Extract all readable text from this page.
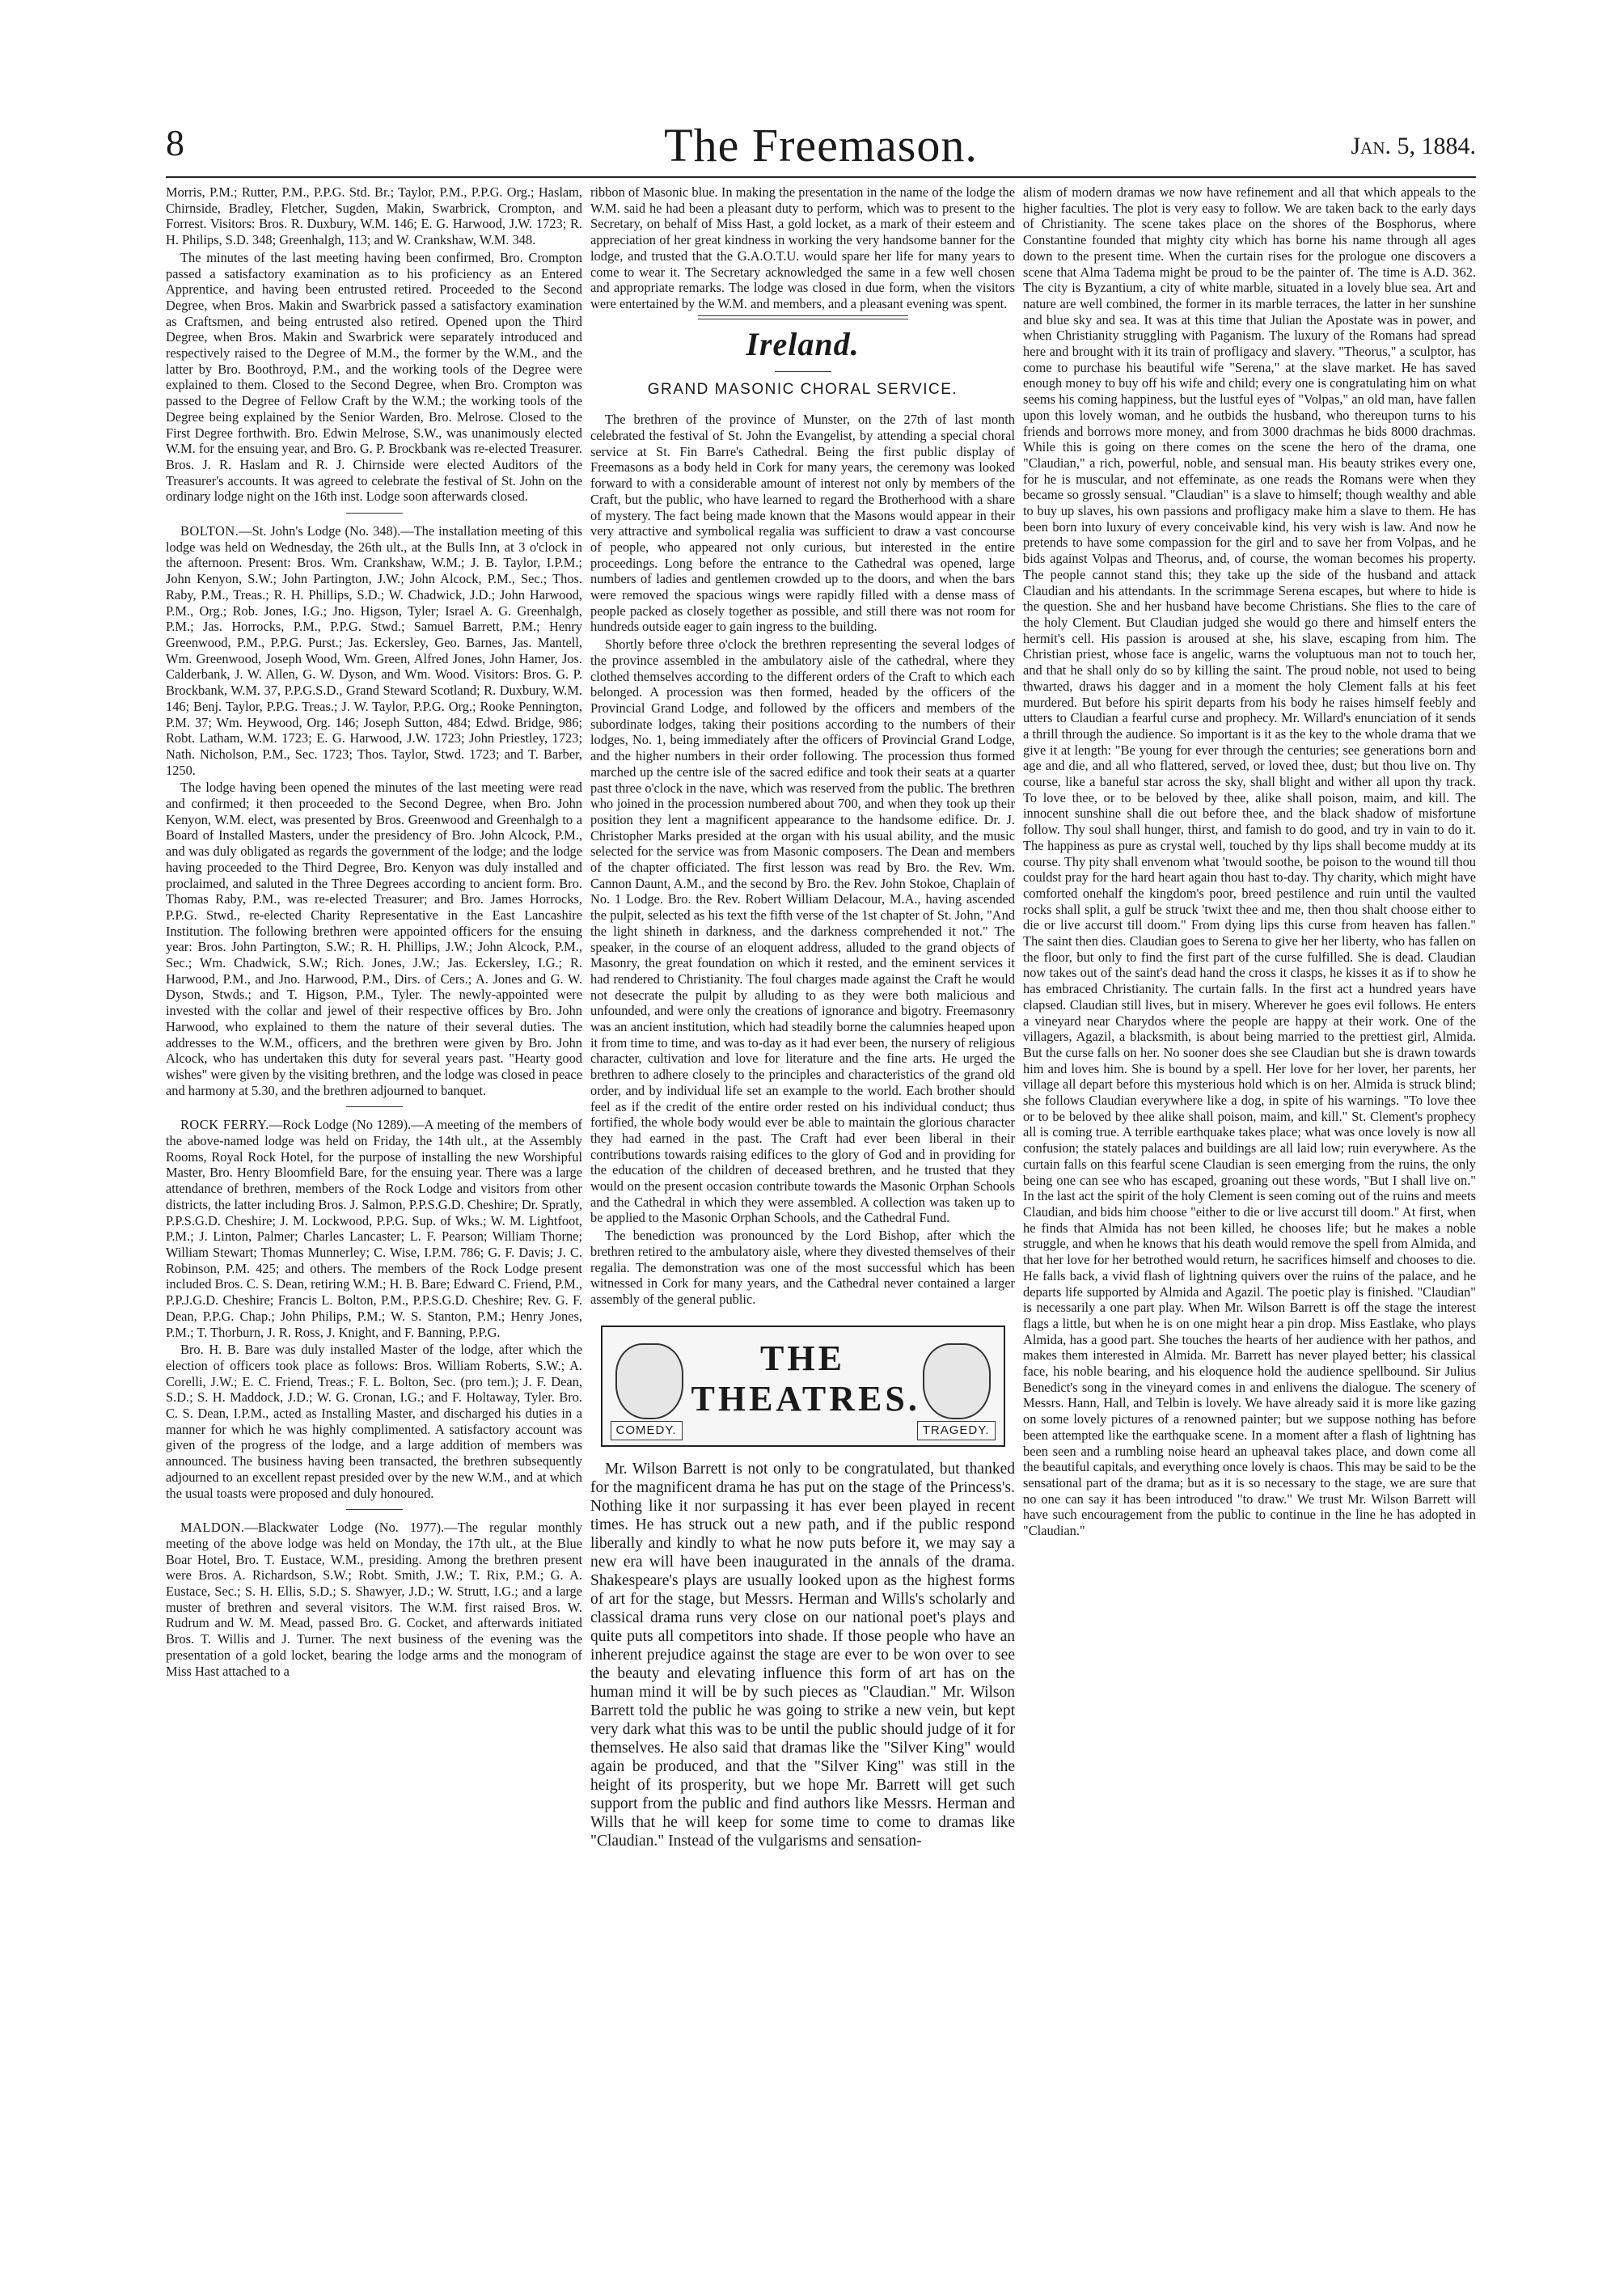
8	The Freemason.	Jan. 5, 1884.

Morris, P.M.; Rutter, P.M., P.P.G. Std. Br.; Taylor, P.M., P.P.G. Org.; Haslam, Chirnside, Bradley, Fletcher, Sugden, Makin, Swarbrick, Crompton, and Forrest. Visitors: Bros. R. Duxbury, W.M. 146; E. G. Harwood, J.W. 1723; R. H. Philips, S.D. 348; Greenhalgh, 113; and W. Crankshaw, W.M. 348.

The minutes of the last meeting having been confirmed, Bro. Crompton passed a satisfactory examination as to his proficiency as an Entered Apprentice, and having been entrusted retired. Proceeded to the Second Degree, when Bros. Makin and Swarbrick passed a satisfactory examination as Craftsmen, and being entrusted also retired. Opened upon the Third Degree, when Bros. Makin and Swarbrick were separately introduced and respectively raised to the Degree of M.M., the former by the W.M., and the latter by Bro. Boothroyd, P.M., and the working tools of the Degree were explained to them. Closed to the Second Degree, when Bro. Crompton was passed to the Degree of Fellow Craft by the W.M.; the working tools of the Degree being explained by the Senior Warden, Bro. Melrose. Closed to the First Degree forthwith. Bro. Edwin Melrose, S.W., was unanimously elected W.M. for the ensuing year, and Bro. G. P. Brockbank was re-elected Treasurer. Bros. J. R. Haslam and R. J. Chirnside were elected Auditors of the Treasurer's accounts. It was agreed to celebrate the festival of St. John on the ordinary lodge night on the 16th inst. Lodge soon afterwards closed.

BOLTON.—St. John's Lodge (No. 348).—The installation meeting of this lodge was held on Wednesday, the 26th ult., at the Bulls Inn, at 3 o'clock in the afternoon. Present: Bros. Wm. Crankshaw, W.M.; J. B. Taylor, I.P.M.; John Kenyon, S.W.; John Partington, J.W.; John Alcock, P.M., Sec.; Thos. Raby, P.M., Treas.; R. H. Phillips, S.D.; W. Chadwick, J.D.; John Harwood, P.M., Org.; Rob. Jones, I.G.; Jno. Higson, Tyler; Israel A. G. Greenhalgh, P.M.; Jas. Horrocks, P.M., P.P.G. Stwd.; Samuel Barrett, P.M.; Henry Greenwood, P.M., P.P.G. Purst.; Jas. Eckersley, Geo. Barnes, Jas. Mantell, Wm. Greenwood, Joseph Wood, Wm. Green, Alfred Jones, John Hamer, Jos. Calderbank, J. W. Allen, G. W. Dyson, and Wm. Wood. Visitors: Bros. G. P. Brockbank, W.M. 37, P.P.G.S.D., Grand Steward Scotland; R. Duxbury, W.M. 146; Benj. Taylor, P.P.G. Treas.; J. W. Taylor, P.P.G. Org.; Rooke Pennington, P.M. 37; Wm. Heywood, Org. 146; Joseph Sutton, 484; Edwd. Bridge, 986; Robt. Latham, W.M. 1723; E. G. Harwood, J.W. 1723; John Priestley, 1723; Nath. Nicholson, P.M., Sec. 1723; Thos. Taylor, Stwd. 1723; and T. Barber, 1250.

The lodge having been opened the minutes of the last meeting were read and confirmed; it then proceeded to the Second Degree, when Bro. John Kenyon, W.M. elect, was presented by Bros. Greenwood and Greenhalgh to a Board of Installed Masters, under the presidency of Bro. John Alcock, P.M., and was duly obligated as regards the government of the lodge; and the lodge having proceeded to the Third Degree, Bro. Kenyon was duly installed and proclaimed, and saluted in the Three Degrees according to ancient form. Bro. Thomas Raby, P.M., was re-elected Treasurer; and Bro. James Horrocks, P.P.G. Stwd., re-elected Charity Representative in the East Lancashire Institution. The following brethren were appointed officers for the ensuing year: Bros. John Partington, S.W.; R. H. Phillips, J.W.; John Alcock, P.M., Sec.; Wm. Chadwick, S.W.; Rich. Jones, J.W.; Jas. Eckersley, I.G.; R. Harwood, P.M., and Jno. Harwood, P.M., Dirs. of Cers.; A. Jones and G. W. Dyson, Stwds.; and T. Higson, P.M., Tyler. The newly-appointed were invested with the collar and jewel of their respective offices by Bro. John Harwood, who explained to them the nature of their several duties. The addresses to the W.M., officers, and the brethren were given by Bro. John Alcock, who has undertaken this duty for several years past. "Hearty good wishes" were given by the visiting brethren, and the lodge was closed in peace and harmony at 5.30, and the brethren adjourned to banquet.

ROCK FERRY.—Rock Lodge (No 1289).—A meeting of the members of the above-named lodge was held on Friday, the 14th ult., at the Assembly Rooms, Royal Rock Hotel, for the purpose of installing the new Worshipful Master, Bro. Henry Bloomfield Bare, for the ensuing year. There was a large attendance of brethren, members of the Rock Lodge and visitors from other districts, the latter including Bros. J. Salmon, P.P.S.G.D. Cheshire; Dr. Spratly, P.P.S.G.D. Cheshire; J. M. Lockwood, P.P.G. Sup. of Wks.; W. M. Lightfoot, P.M.; J. Linton, Palmer; Charles Lancaster; L. F. Pearson; William Thorne; William Stewart; Thomas Munnerley; C. Wise, I.P.M. 786; G. F. Davis; J. C. Robinson, P.M. 425; and others. The members of the Rock Lodge present included Bros. C. S. Dean, retiring W.M.; H. B. Bare; Edward C. Friend, P.M., P.P.J.G.D. Cheshire; Francis L. Bolton, P.M., P.P.S.G.D. Cheshire; Rev. G. F. Dean, P.P.G. Chap.; John Philips, P.M.; W. S. Stanton, P.M.; Henry Jones, P.M.; T. Thorburn, J. R. Ross, J. Knight, and F. Banning, P.P.G.

Bro. H. B. Bare was duly installed Master of the lodge, after which the election of officers took place as follows: Bros. William Roberts, S.W.; A. Corelli, J.W.; E. C. Friend, Treas.; F. L. Bolton, Sec. (pro tem.); J. F. Dean, S.D.; S. H. Maddock, J.D.; W. G. Cronan, I.G.; and F. Holtaway, Tyler. Bro. C. S. Dean, I.P.M., acted as Installing Master, and discharged his duties in a manner for which he was highly complimented. A satisfactory account was given of the progress of the lodge, and a large addition of members was announced. The business having been transacted, the brethren subsequently adjourned to an excellent repast presided over by the new W.M., and at which the usual toasts were proposed and duly honoured.

MALDON.—Blackwater Lodge (No. 1977).—The regular monthly meeting of the above lodge was held on Monday, the 17th ult., at the Blue Boar Hotel, Bro. T. Eustace, W.M., presiding. Among the brethren present were Bros. A. Richardson, S.W.; Robt. Smith, J.W.; T. Rix, P.M.; G. A. Eustace, Sec.; S. H. Ellis, S.D.; S. Shawyer, J.D.; W. Strutt, I.G.; and a large muster of brethren and several visitors. The W.M. first raised Bros. W. Rudrum and W. M. Mead, passed Bro. G. Cocket, and afterwards initiated Bros. T. Willis and J. Turner. The next business of the evening was the presentation of a gold locket, bearing the lodge arms and the monogram of Miss Hast attached to a

ribbon of Masonic blue. In making the presentation in the name of the lodge the W.M. said he had been a pleasant duty to perform, which was to present to the Secretary, on behalf of Miss Hast, a gold locket, as a mark of their esteem and appreciation of her great kindness in working the very handsome banner for the lodge, and trusted that the G.A.O.T.U. would spare her life for many years to come to wear it. The Secretary acknowledged the same in a few well chosen and appropriate remarks. The lodge was closed in due form, when the visitors were entertained by the W.M. and members, and a pleasant evening was spent.

Ireland.
GRAND MASONIC CHORAL SERVICE.

The brethren of the province of Munster, on the 27th of last month celebrated the festival of St. John the Evangelist, by attending a special choral service at St. Fin Barre's Cathedral. Being the first public display of Freemasons as a body held in Cork for many years, the ceremony was looked forward to with a considerable amount of interest not only by members of the Craft, but the public, who have learned to regard the Brotherhood with a share of mystery. The fact being made known that the Masons would appear in their very attractive and symbolical regalia was sufficient to draw a vast concourse of people, who appeared not only curious, but interested in the entire proceedings. Long before the entrance to the Cathedral was opened, large numbers of ladies and gentlemen crowded up to the doors, and when the bars were removed the spacious wings were rapidly filled with a dense mass of people packed as closely together as possible, and still there was not room for hundreds outside eager to gain ingress to the building.

Shortly before three o'clock the brethren representing the several lodges of the province assembled in the ambulatory aisle of the cathedral, where they clothed themselves according to the different orders of the Craft to which each belonged. A procession was then formed, headed by the officers of the Provincial Grand Lodge, and followed by the officers and members of the subordinate lodges, taking their positions according to the numbers of their lodges, No. 1, being immediately after the officers of Provincial Grand Lodge, and the higher numbers in their order following. The procession thus formed marched up the centre isle of the sacred edifice and took their seats at a quarter past three o'clock in the nave, which was reserved from the public. The brethren who joined in the procession numbered about 700, and when they took up their position they lent a magnificent appearance to the handsome edifice. Dr. J. Christopher Marks presided at the organ with his usual ability, and the music selected for the service was from Masonic composers. The Dean and members of the chapter officiated. The first lesson was read by Bro. the Rev. Wm. Cannon Daunt, A.M., and the second by Bro. the Rev. John Stokoe, Chaplain of No. 1 Lodge. Bro. the Rev. Robert William Delacour, M.A., having ascended the pulpit, selected as his text the fifth verse of the 1st chapter of St. John, "And the light shineth in darkness, and the darkness comprehended it not." The speaker, in the course of an eloquent address, alluded to the grand objects of Masonry, the great foundation on which it rested, and the eminent services it had rendered to Christianity. The foul charges made against the Craft he would not desecrate the pulpit by alluding to as they were both malicious and unfounded, and were only the creations of ignorance and bigotry. Freemasonry was an ancient institution, which had steadily borne the calumnies heaped upon it from time to time, and was to-day as it had ever been, the nursery of religious character, cultivation and love for literature and the fine arts. He urged the brethren to adhere closely to the principles and characteristics of the grand old order, and by individual life set an example to the world. Each brother should feel as if the credit of the entire order rested on his individual conduct; thus fortified, the whole body would ever be able to maintain the glorious character they had earned in the past. The Craft had ever been liberal in their contributions towards raising edifices to the glory of God and in providing for the education of the children of deceased brethren, and he trusted that they would on the present occasion contribute towards the Masonic Orphan Schools and the Cathedral in which they were assembled. A collection was taken up to be applied to the Masonic Orphan Schools, and the Cathedral Fund.

The benediction was pronounced by the Lord Bishop, after which the brethren retired to the ambulatory aisle, where they divested themselves of their regalia. The demonstration was one of the most successful which has been witnessed in Cork for many years, and the Cathedral never contained a larger assembly of the general public.

THE THEATRES.
COMEDY.	TRAGEDY.

Mr. Wilson Barrett is not only to be congratulated, but thanked for the magnificent drama he has put on the stage of the Princess's. Nothing like it nor surpassing it has ever been played in recent times. He has struck out a new path, and if the public respond liberally and kindly to what he now puts before it, we may say a new era will have been inaugurated in the annals of the drama. Shakespeare's plays are usually looked upon as the highest forms of art for the stage, but Messrs. Herman and Wills's scholarly and classical drama runs very close on our national poet's plays and quite puts all competitors into shade. If those people who have an inherent prejudice against the stage are ever to be won over to see the beauty and elevating influence this form of art has on the human mind it will be by such pieces as "Claudian." Mr. Wilson Barrett told the public he was going to strike a new vein, but kept very dark what this was to be until the public should judge of it for themselves. He also said that dramas like the "Silver King" would again be produced, and that the "Silver King" was still in the height of its prosperity, but we hope Mr. Barrett will get such support from the public and find authors like Messrs. Herman and Wills that he will keep for some time to come to dramas like "Claudian." Instead of the vulgarisms and sensation-

alism of modern dramas we now have refinement and all that which appeals to the higher faculties. The plot is very easy to follow. We are taken back to the early days of Christianity. The scene takes place on the shores of the Bosphorus, where Constantine founded that mighty city which has borne his name through all ages down to the present time. When the curtain rises for the prologue one discovers a scene that Alma Tadema might be proud to be the painter of. The time is A.D. 362. The city is Byzantium, a city of white marble, situated in a lovely blue sea. Art and nature are well combined, the former in its marble terraces, the latter in her sunshine and blue sky and sea. It was at this time that Julian the Apostate was in power, and when Christianity struggling with Paganism. The luxury of the Romans had spread here and brought with it its train of profligacy and slavery. "Theorus," a sculptor, has come to purchase his beautiful wife "Serena," at the slave market. He has saved enough money to buy off his wife and child; every one is congratulating him on what seems his coming happiness, but the lustful eyes of "Volpas," an old man, have fallen upon this lovely woman, and he outbids the husband, who thereupon turns to his friends and borrows more money, and from 3000 drachmas he bids 8000 drachmas. While this is going on there comes on the scene the hero of the drama, one "Claudian," a rich, powerful, noble, and sensual man. His beauty strikes every one, for he is muscular, and not effeminate, as one reads the Romans were when they became so grossly sensual. "Claudian" is a slave to himself; though wealthy and able to buy up slaves, his own passions and profligacy make him a slave to them. He has been born into luxury of every conceivable kind, his very wish is law. And now he pretends to have some compassion for the girl and to save her from Volpas, and he bids against Volpas and Theorus, and, of course, the woman becomes his property. The people cannot stand this; they take up the side of the husband and attack Claudian and his attendants. In the scrimmage Serena escapes, but where to hide is the question. She and her husband have become Christians. She flies to the care of the holy Clement. But Claudian judged she would go there and himself enters the hermit's cell. His passion is aroused at she, his slave, escaping from him. The Christian priest, whose face is angelic, warns the voluptuous man not to touch her, and that he shall only do so by killing the saint. The proud noble, not used to being thwarted, draws his dagger and in a moment the holy Clement falls at his feet murdered. But before his spirit departs from his body he raises himself feebly and utters to Claudian a fearful curse and prophecy. Mr. Willard's enunciation of it sends a thrill through the audience. So important is it as the key to the whole drama that we give it at length: "Be young for ever through the centuries; see generations born and age and die, and all who flattered, served, or loved thee, dust; but thou live on. Thy course, like a baneful star across the sky, shall blight and wither all upon thy track. To love thee, or to be beloved by thee, alike shall poison, maim, and kill. The innocent sunshine shall die out before thee, and the black shadow of misfortune follow. Thy soul shall hunger, thirst, and famish to do good, and try in vain to do it. The happiness as pure as crystal well, touched by thy lips shall become muddy at its course. Thy pity shall envenom what 'twould soothe, be poison to the wound till thou couldst pray for the hard heart again thou hast to-day. Thy charity, which might have comforted onehalf the kingdom's poor, breed pestilence and ruin until the vaulted rocks shall split, a gulf be struck 'twixt thee and me, then thou shalt choose either to die or live accurst till doom." From dying lips this curse from heaven has fallen." The saint then dies. Claudian goes to Serena to give her her liberty, who has fallen on the floor, but only to find the first part of the curse fulfilled. She is dead. Claudian now takes out of the saint's dead hand the cross it clasps, he kisses it as if to show he has embraced Christianity. The curtain falls. In the first act a hundred years have clapsed. Claudian still lives, but in misery. Wherever he goes evil follows. He enters a vineyard near Charydos where the people are happy at their work. One of the villagers, Agazil, a blacksmith, is about being married to the prettiest girl, Almida. But the curse falls on her. No sooner does she see Claudian but she is drawn towards him and loves him. She is bound by a spell. Her love for her lover, her parents, her village all depart before this mysterious hold which is on her. Almida is struck blind; she follows Claudian everywhere like a dog, in spite of his warnings. "To love thee or to be beloved by thee alike shall poison, maim, and kill." St. Clement's prophecy all is coming true. A terrible earthquake takes place; what was once lovely is now all confusion; the stately palaces and buildings are all laid low; ruin everywhere. As the curtain falls on this fearful scene Claudian is seen emerging from the ruins, the only being one can see who has escaped, groaning out these words, "But I shall live on." In the last act the spirit of the holy Clement is seen coming out of the ruins and meets Claudian, and bids him choose "either to die or live accurst till doom." At first, when he finds that Almida has not been killed, he chooses life; but he makes a noble struggle, and when he knows that his death would remove the spell from Almida, and that her love for her betrothed would return, he sacrifices himself and chooses to die. He falls back, a vivid flash of lightning quivers over the ruins of the palace, and he departs life supported by Almida and Agazil. The poetic play is finished. "Claudian" is necessarily a one part play. When Mr. Wilson Barrett is off the stage the interest flags a little, but when he is on one might hear a pin drop. Miss Eastlake, who plays Almida, has a good part. She touches the hearts of her audience with her pathos, and makes them interested in Almida. Mr. Barrett has never played better; his classical face, his noble bearing, and his eloquence hold the audience spellbound. Sir Julius Benedict's song in the vineyard comes in and enlivens the dialogue. The scenery of Messrs. Hann, Hall, and Telbin is lovely. We have already said it is more like gazing on some lovely pictures of a renowned painter; but we suppose nothing has before been attempted like the earthquake scene. In a moment after a flash of lightning has been seen and a rumbling noise heard an upheaval takes place, and down come all the beautiful capitals, and everything once lovely is chaos. This may be said to be the sensational part of the drama; but as it is so necessary to the stage, we are sure that no one can say it has been introduced "to draw." We trust Mr. Wilson Barrett will have such encouragement from the public to continue in the line he has adopted in "Claudian."
